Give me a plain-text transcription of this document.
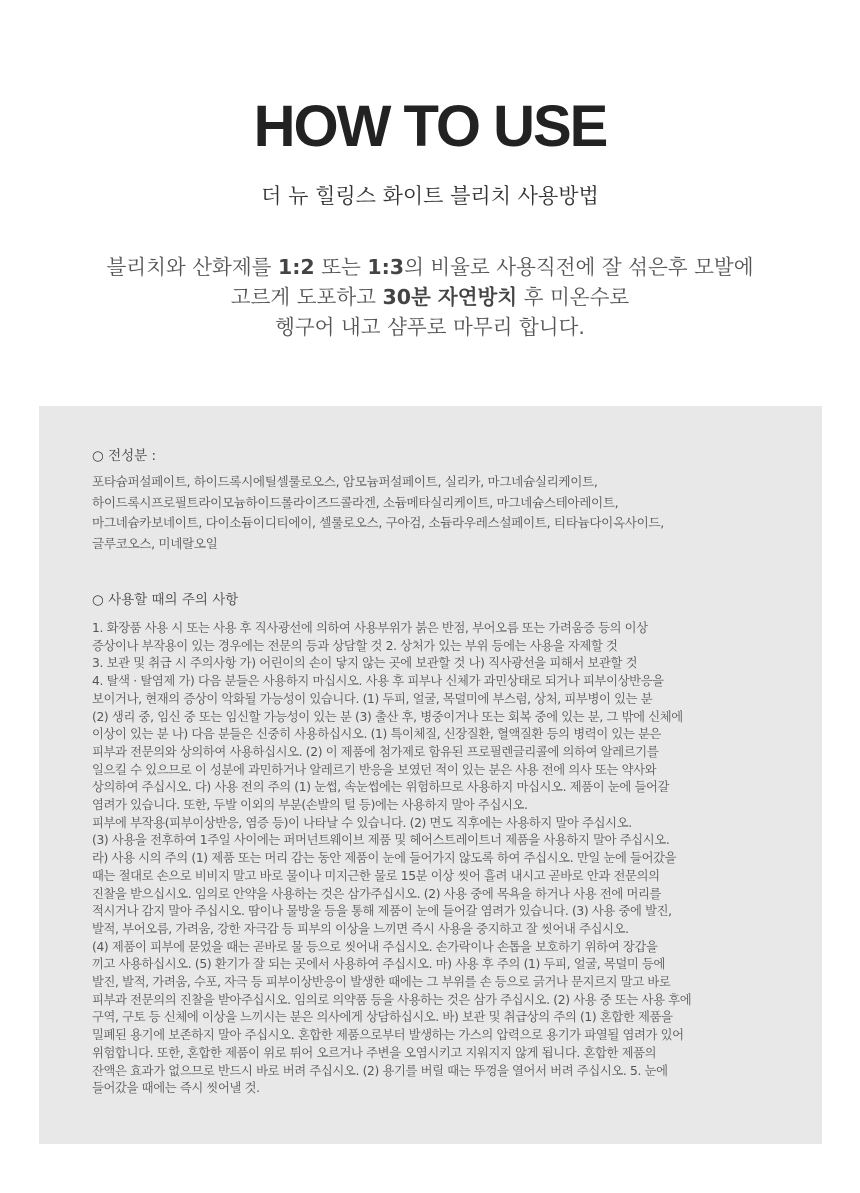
HOW TO USE
더 뉴 힐링스 화이트 블리치 사용방법
블리치와 산화제를 1:2 또는 1:3의 비율로 사용직전에 잘 섞은후 모발에
고르게 도포하고 30분 자연방치 후 미온수로
헹구어 내고 샴푸로 마무리 합니다.
○ 전성분 :
포타슘퍼설페이트, 하이드록시에틸셀룰로오스, 암모늄퍼설페이트, 실리카, 마그네슘실리케이트,
하이드록시프로필트라이모늄하이드롤라이즈드콜라겐, 소듐메타실리케이트, 마그네슘스테아레이트,
마그네슘카보네이트, 다이소듐이디티에이, 셀룰로오스, 구아검, 소듐라우레스설페이트, 티타늄다이옥사이드,
글루코오스, 미네랄오일
○ 사용할 때의 주의 사항
1. 화장품 사용 시 또는 사용 후 직사광선에 의하여 사용부위가 붉은 반점, 부어오름 또는 가려움증 등의 이상
증상이나 부작용이 있는 경우에는 전문의 등과 상담할 것 2. 상처가 있는 부위 등에는 사용을 자제할 것
3. 보관 및 취급 시 주의사항 가) 어린이의 손이 닿지 않는 곳에 보관할 것 나) 직사광선을 피해서 보관할 것
4. 탈색 · 탈염제 가) 다음 분들은 사용하지 마십시오. 사용 후 피부나 신체가 과민상태로 되거나 피부이상반응을
보이거나, 현재의 증상이 악화될 가능성이 있습니다. (1) 두피, 얼굴, 목덜미에 부스럼, 상처, 피부병이 있는 분
(2) 생리 중, 임신 중 또는 임신할 가능성이 있는 분 (3) 출산 후, 병중이거나 또는 회복 중에 있는 분, 그 밖에 신체에
이상이 있는 분 나) 다음 분들은 신중히 사용하십시오. (1) 특이체질, 신장질환, 혈액질환 등의 병력이 있는 분은
피부과 전문의와 상의하여 사용하십시오. (2) 이 제품에 첨가제로 함유된 프로필렌글리콜에 의하여 알레르기를
일으킬 수 있으므로 이 성분에 과민하거나 알레르기 반응을 보였던 적이 있는 분은 사용 전에 의사 또는 약사와
상의하여 주십시오. 다) 사용 전의 주의 (1) 눈썹, 속눈썹에는 위험하므로 사용하지 마십시오. 제품이 눈에 들어갈
염려가 있습니다. 또한, 두발 이외의 부분(손발의 털 등)에는 사용하지 말아 주십시오.
피부에 부작용(피부이상반응, 염증 등)이 나타날 수 있습니다. (2) 면도 직후에는 사용하지 말아 주십시오.
(3) 사용을 전후하여 1주일 사이에는 퍼머넌트웨이브 제품 및 헤어스트레이트너 제품을 사용하지 말아 주십시오.
라) 사용 시의 주의 (1) 제품 또는 머리 감는 동안 제품이 눈에 들어가지 않도록 하여 주십시오. 만일 눈에 들어갔을
때는 절대로 손으로 비비지 말고 바로 물이나 미지근한 물로 15분 이상 씻어 흘려 내시고 곧바로 안과 전문의의
진찰을 받으십시오. 임의로 안약을 사용하는 것은 삼가주십시오. (2) 사용 중에 목욕을 하거나 사용 전에 머리를
적시거나 감지 말아 주십시오. 땀이나 물방울 등을 통해 제품이 눈에 들어갈 염려가 있습니다. (3) 사용 중에 발진,
발적, 부어오름, 가려움, 강한 자극감 등 피부의 이상을 느끼면 즉시 사용을 중지하고 잘 씻어내 주십시오.
(4) 제품이 피부에 묻었을 때는 곧바로 물 등으로 씻어내 주십시오. 손가락이나 손톱을 보호하기 위하여 장갑을
끼고 사용하십시오. (5) 환기가 잘 되는 곳에서 사용하여 주십시오. 마) 사용 후 주의 (1) 두피, 얼굴, 목덜미 등에
발진, 발적, 가려움, 수포, 자극 등 피부이상반응이 발생한 때에는 그 부위를 손 등으로 긁거나 문지르지 말고 바로
피부과 전문의의 진찰을 받아주십시오. 임의로 의약품 등을 사용하는 것은 삼가 주십시오. (2) 사용 중 또는 사용 후에
구역, 구토 등 신체에 이상을 느끼시는 분은 의사에게 상담하십시오. 바) 보관 및 취급상의 주의 (1) 혼합한 제품을
밀폐된 용기에 보존하지 말아 주십시오. 혼합한 제품으로부터 발생하는 가스의 압력으로 용기가 파열될 염려가 있어
위험합니다. 또한, 혼합한 제품이 위로 튀어 오르거나 주변을 오염시키고 지워지지 않게 됩니다. 혼합한 제품의
잔액은 효과가 없으므로 반드시 바로 버려 주십시오. (2) 용기를 버릴 때는 뚜껑을 열어서 버려 주십시오. 5. 눈에
들어갔을 때에는 즉시 씻어낼 것.
